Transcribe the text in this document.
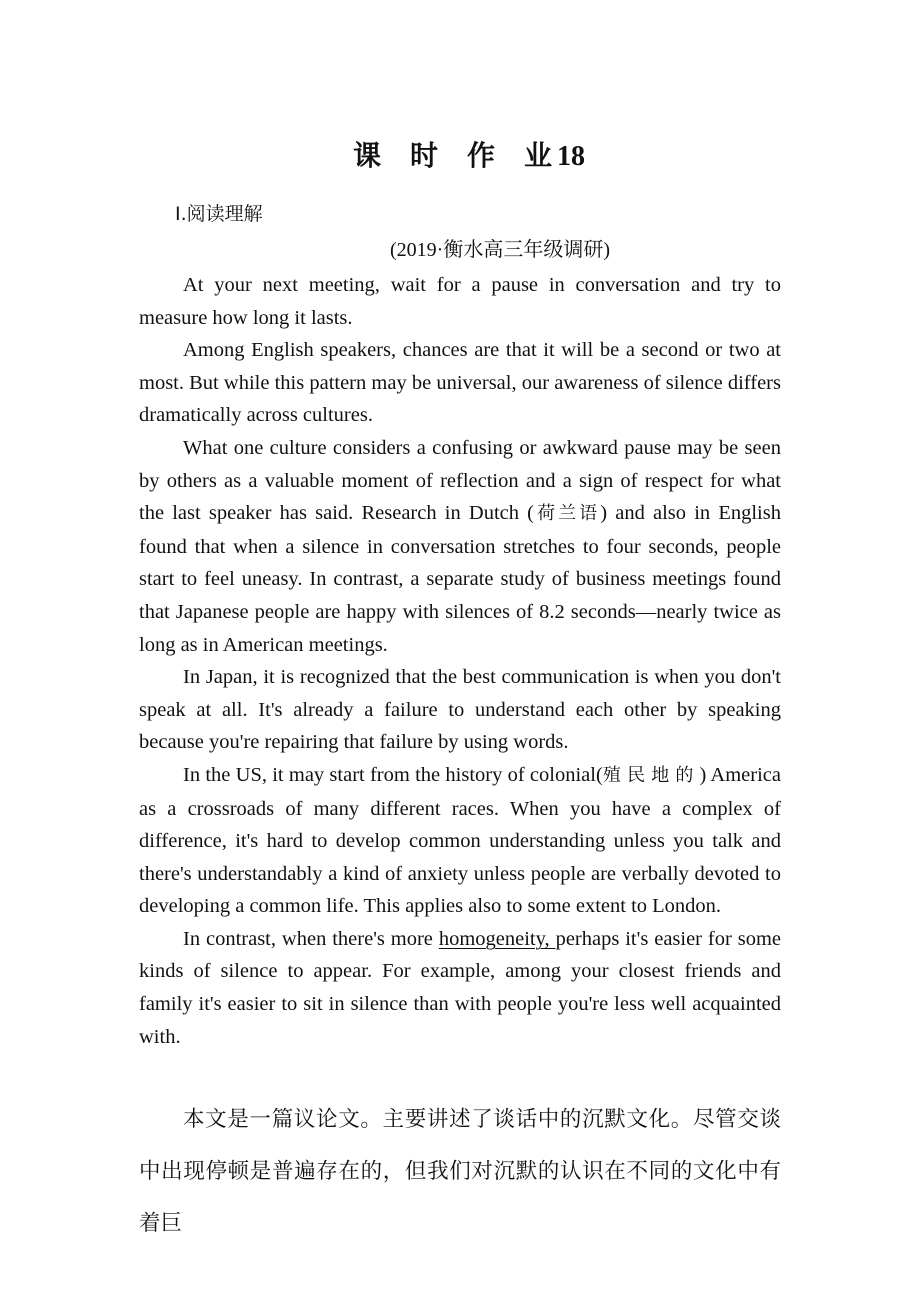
课 时 作 业18
Ⅰ.阅读理解
(2019·衡水高三年级调研)

At your next meeting, wait for a pause in conversation and try to measure how long it lasts.

Among English speakers, chances are that it will be a second or two at most. But while this pattern may be universal, our awareness of silence differs dramatically across cultures.

What one culture considers a confusing or awkward pause may be seen by others as a valuable moment of reflection and a sign of respect for what the last speaker has said. Research in Dutch (荷兰语) and also in English found that when a silence in conversation stretches to four seconds, people start to feel uneasy. In contrast, a separate study of business meetings found that Japanese people are happy with silences of 8.2 seconds—nearly twice as long as in American meetings.

In Japan, it is recognized that the best communication is when you don't speak at all. It's already a failure to understand each other by speaking because you're repairing that failure by using words.

In the US, it may start from the history of colonial(殖民地的) America as a crossroads of many different races. When you have a complex of difference, it's hard to develop common understanding unless you talk and there's understandably a kind of anxiety unless people are verbally devoted to developing a common life. This applies also to some extent to London.

In contrast, when there's more homogeneity, perhaps it's easier for some kinds of silence to appear. For example, among your closest friends and family it's easier to sit in silence than with people you're less well acquainted with.

本文是一篇议论文。主要讲述了谈话中的沉默文化。尽管交谈中出现停顿是普遍存在的，但我们对沉默的认识在不同的文化中有着巨
